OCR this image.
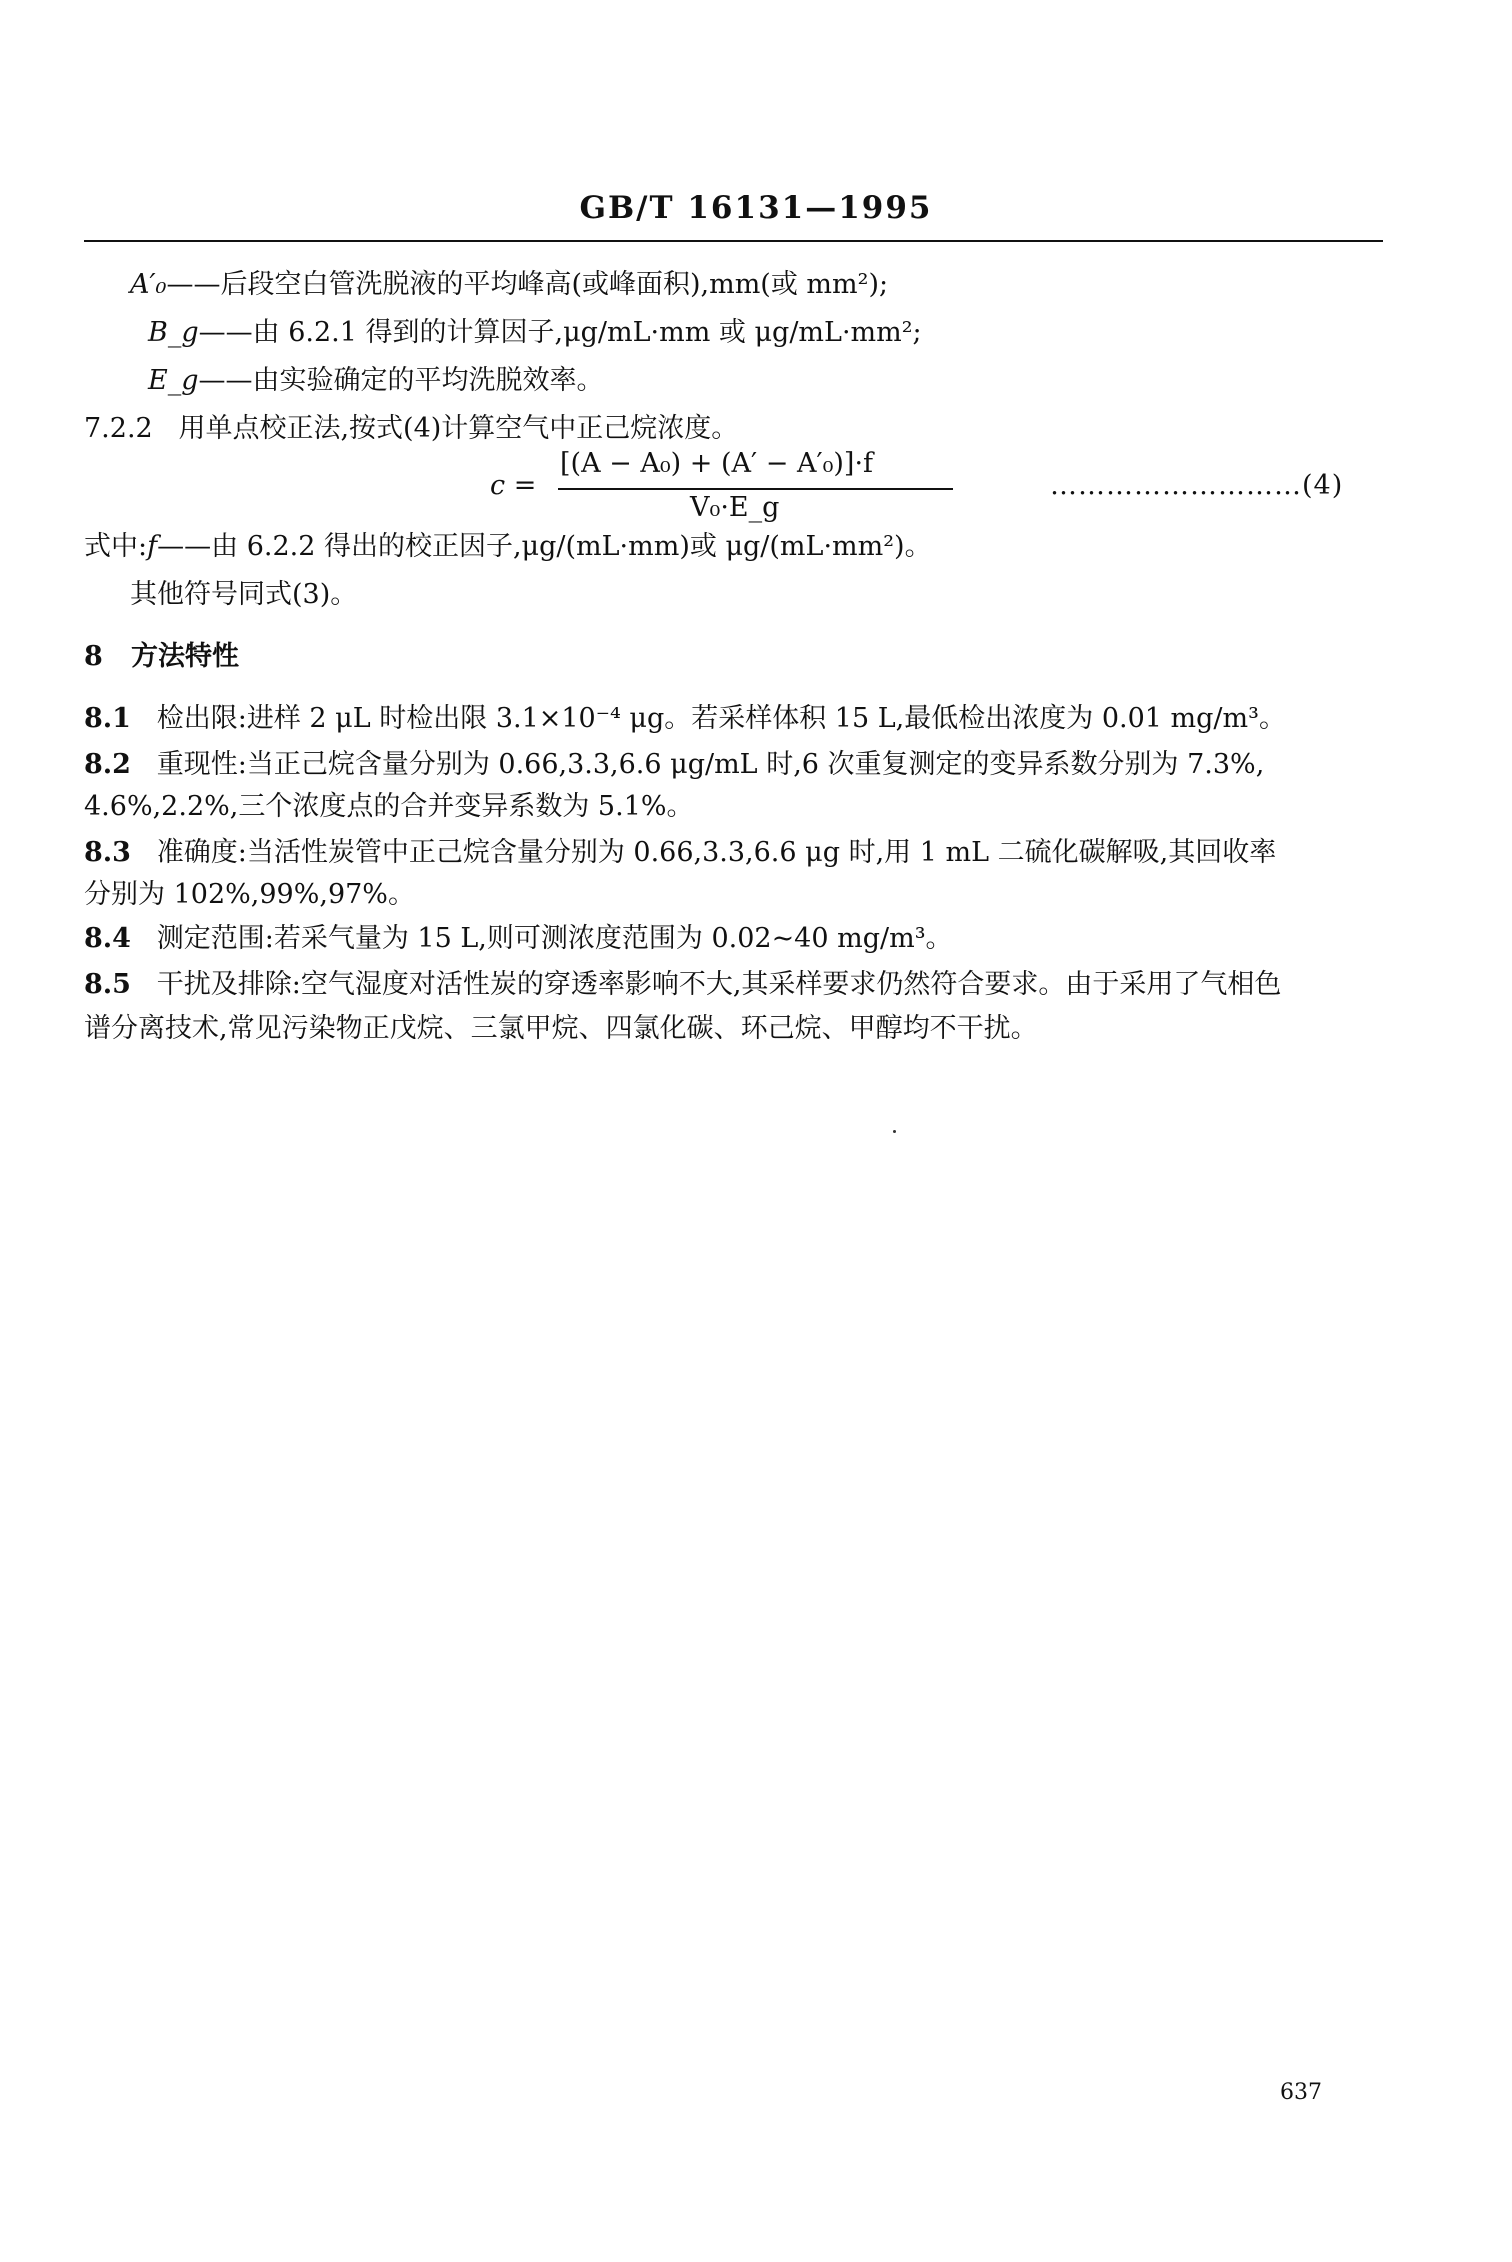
GB/T 16131—1995
A′₀——后段空白管洗脱液的平均峰高(或峰面积),mm(或 mm²);
B_g——由 6.2.1 得到的计算因子,μg/mL·mm 或 μg/mL·mm²;
E_g——由实验确定的平均洗脱效率。
7.2.2 用单点校正法,按式(4)计算空气中正己烷浓度。
c =
[(A − A₀) + (A′ − A′₀)]·f
V₀·E_g
………………………(4)
式中:f——由 6.2.2 得出的校正因子,μg/(mL·mm)或 μg/(mL·mm²)。
其他符号同式(3)。
8 方法特性
8.1 检出限:进样 2 μL 时检出限 3.1×10⁻⁴ μg。若采样体积 15 L,最低检出浓度为 0.01 mg/m³。
8.2 重现性:当正己烷含量分别为 0.66,3.3,6.6 μg/mL 时,6 次重复测定的变异系数分别为 7.3%,
4.6%,2.2%,三个浓度点的合并变异系数为 5.1%。
8.3 准确度:当活性炭管中正己烷含量分别为 0.66,3.3,6.6 μg 时,用 1 mL 二硫化碳解吸,其回收率
分别为 102%,99%,97%。
8.4 测定范围:若采气量为 15 L,则可测浓度范围为 0.02~40 mg/m³。
8.5 干扰及排除:空气湿度对活性炭的穿透率影响不大,其采样要求仍然符合要求。由于采用了气相色
谱分离技术,常见污染物正戊烷、三氯甲烷、四氯化碳、环己烷、甲醇均不干扰。
637
